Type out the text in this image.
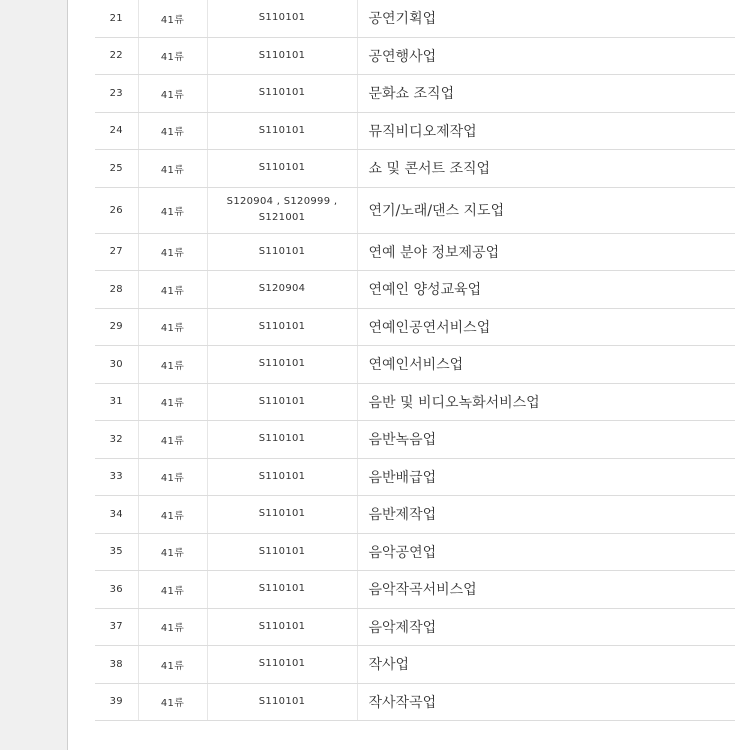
21	41류	S110101	공연기획업
22	41류	S110101	공연행사업
23	41류	S110101	문화쇼 조직업
24	41류	S110101	뮤직비디오제작업
25	41류	S110101	쇼 및 콘서트 조직업
26	41류	S120904 , S120999 ,
S121001	연기/노래/댄스 지도업
27	41류	S110101	연예 분야 정보제공업
28	41류	S120904	연예인 양성교육업
29	41류	S110101	연예인공연서비스업
30	41류	S110101	연예인서비스업
31	41류	S110101	음반 및 비디오녹화서비스업
32	41류	S110101	음반녹음업
33	41류	S110101	음반배급업
34	41류	S110101	음반제작업
35	41류	S110101	음악공연업
36	41류	S110101	음악작곡서비스업
37	41류	S110101	음악제작업
38	41류	S110101	작사업
39	41류	S110101	작사작곡업
